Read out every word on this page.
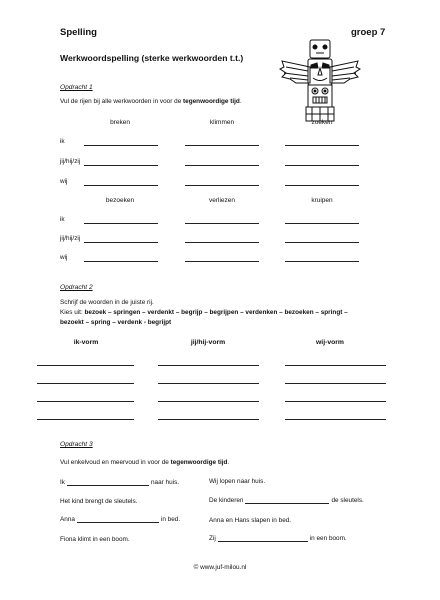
Spelling	groep 7
Werkwoordspelling (sterke werkwoorden t.t.)
Opdracht 1
Vul de rijen bij alle werkwoorden in voor de tegenwoordige tijd.
breken	klimmen	zoeken
ik
jij/hij/zij
wij
bezoeken	verliezen	kruipen
ik
jij/hij/zij
wij
Opdracht 2
Schrijf de woorden in de juiste rij.
Kies uit: bezoek – springen – verdenkt – begrijp – begrijpen – verdenken – bezoeken – springt –
bezoekt – spring – verdenk - begrijpt
ik-vorm	jij/hij-vorm	wij-vorm
Opdracht 3
Vul enkelvoud en meervoud in voor de tegenwoordige tijd.
Ik	naar huis.
Het kind brengt de sleutels.
Anna	in bed.
Fiona klimt in een boom.
Wij lopen naar huis.
De kinderen	de sleutels.
Anna en Hans slapen in bed.
Zij	in een boom.
© www.juf-milou.nl
